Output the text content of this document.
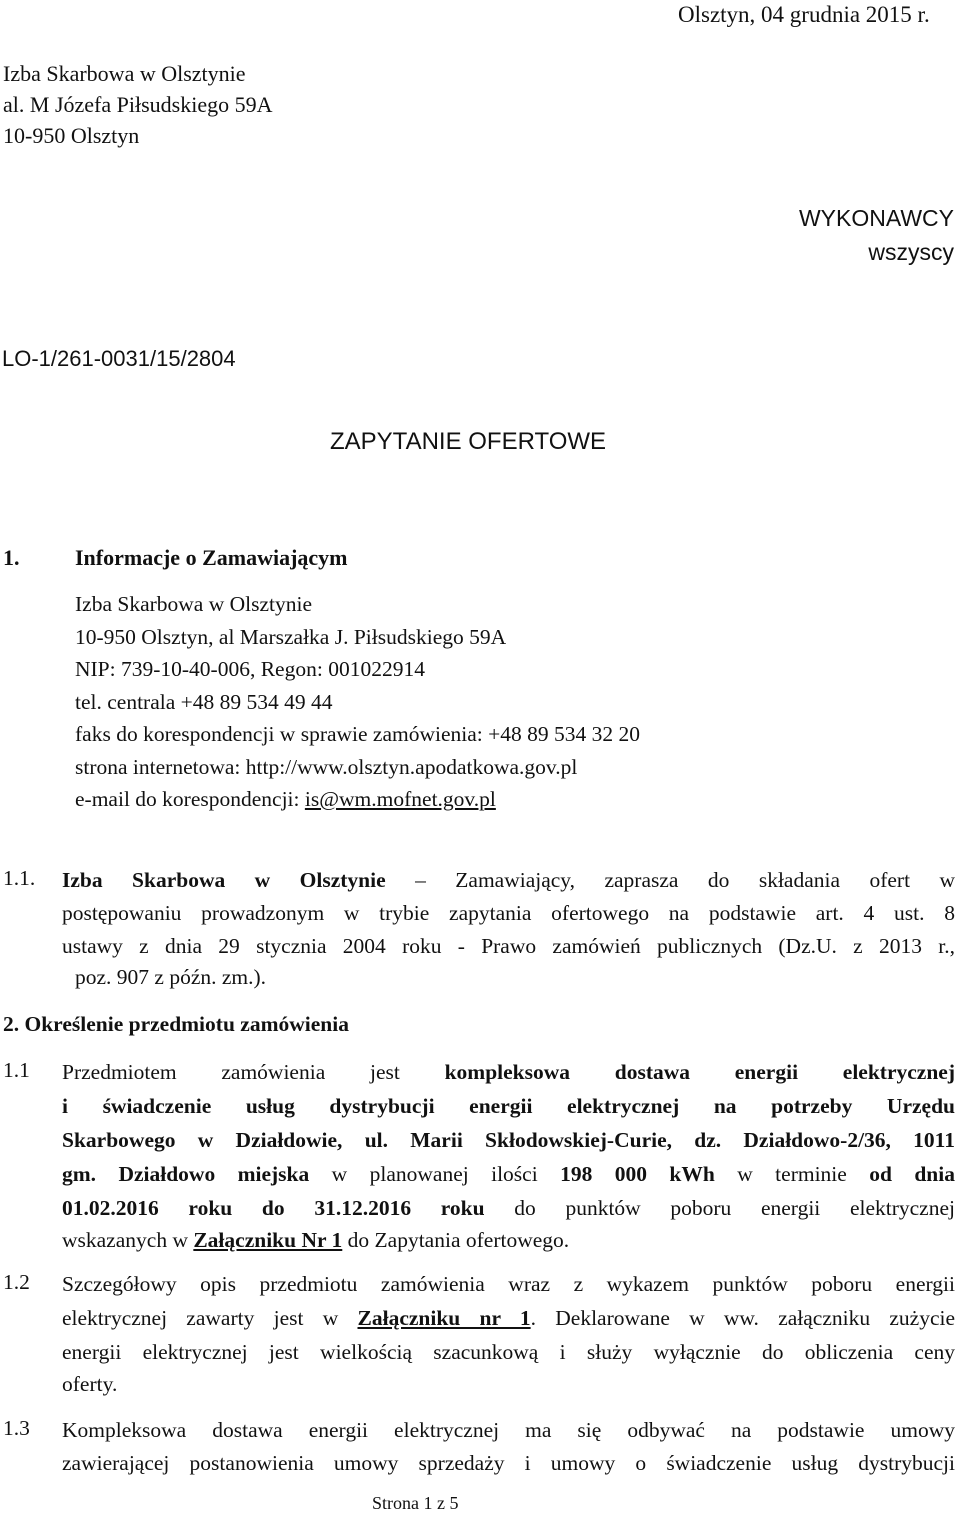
Olsztyn, 04 grudnia 2015 r.
Izba Skarbowa w Olsztynie
al. M Józefa Piłsudskiego 59A
10-950 Olsztyn
WYKONAWCY
wszyscy
LO-1/261-0031/15/2804
ZAPYTANIE OFERTOWE
1.	Informacje o Zamawiającym
Izba Skarbowa w Olsztynie
10-950 Olsztyn, al Marszałka J. Piłsudskiego 59A
NIP: 739-10-40-006, Regon: 001022914
tel. centrala +48 89 534 49 44
faks do korespondencji w sprawie zamówienia: +48 89 534 32 20
strona internetowa: http://www.olsztyn.apodatkowa.gov.pl
e-mail do korespondencji: is@wm.mofnet.gov.pl
1.1. Izba Skarbowa w Olsztynie – Zamawiający, zaprasza do składania ofert w
postępowaniu prowadzonym w trybie zapytania ofertowego na podstawie art. 4 ust. 8
ustawy z dnia 29 stycznia 2004 roku - Prawo zamówień publicznych (Dz.U. z 2013 r.,
poz. 907 z późn. zm.).
2. Określenie przedmiotu zamówienia
1.1 Przedmiotem zamówienia jest kompleksowa dostawa energii elektrycznej
i świadczenie usług dystrybucji energii elektrycznej na potrzeby Urzędu
Skarbowego w Działdowie, ul. Marii Skłodowskiej-Curie, dz. Działdowo-2/36, 1011
gm. Działdowo miejska w planowanej ilości 198 000 kWh w terminie od dnia
01.02.2016 roku do 31.12.2016 roku do punktów poboru energii elektrycznej
wskazanych w Załączniku Nr 1 do Zapytania ofertowego.
1.2 Szczegółowy opis przedmiotu zamówienia wraz z wykazem punktów poboru energii
elektrycznej zawarty jest w Załączniku nr 1. Deklarowane w ww. załączniku zużycie
energii elektrycznej jest wielkością szacunkową i służy wyłącznie do obliczenia ceny
oferty.
1.3 Kompleksowa dostawa energii elektrycznej ma się odbywać na podstawie umowy
zawierającej postanowienia umowy sprzedaży i umowy o świadczenie usług dystrybucji
Strona 1 z 5
